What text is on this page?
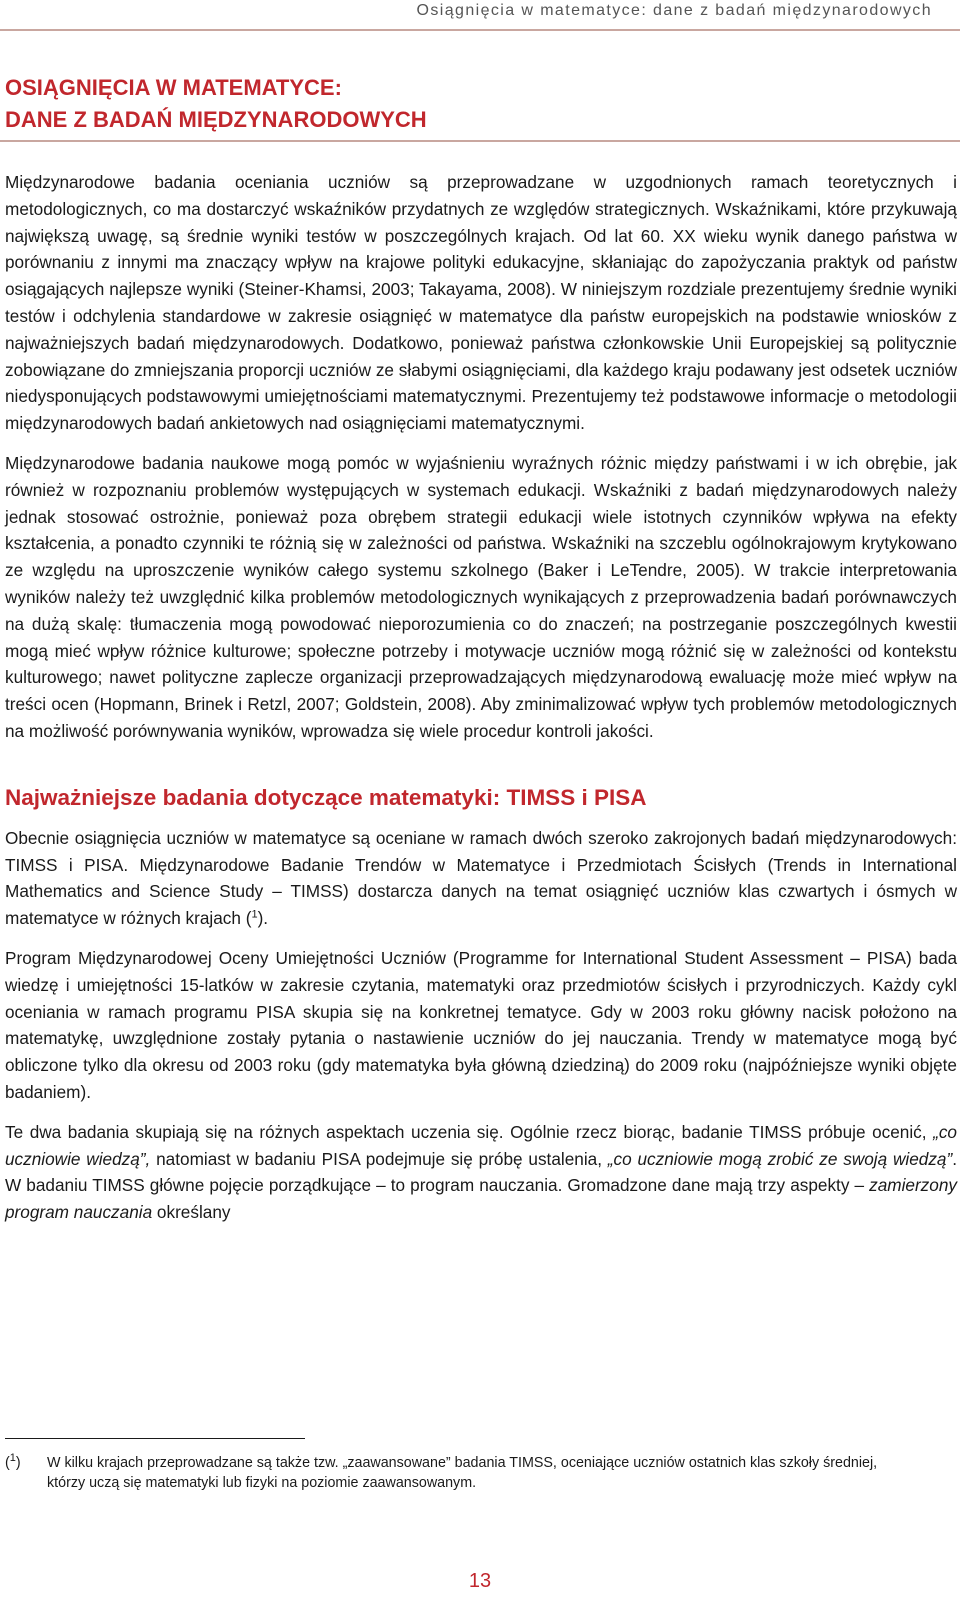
Osiągnięcia w matematyce: dane z badań międzynarodowych
OSIĄGNIĘCIA W MATEMATYCE:
DANE Z BADAŃ MIĘDZYNARODOWYCH

Międzynarodowe badania oceniania uczniów są przeprowadzane w uzgodnionych ramach teoretycznych i metodologicznych, co ma dostarczyć wskaźników przydatnych ze względów strategicznych. Wskaźnikami, które przykuwają największą uwagę, są średnie wyniki testów w poszczególnych krajach. Od lat 60. XX wieku wynik danego państwa w porównaniu z innymi ma znaczący wpływ na krajowe polityki edukacyjne, skłaniając do zapożyczania praktyk od państw osiągających najlepsze wyniki (Steiner-Khamsi, 2003; Takayama, 2008). W niniejszym rozdziale prezentujemy średnie wyniki testów i odchylenia standardowe w zakresie osiągnięć w matematyce dla państw europejskich na podstawie wniosków z najważniejszych badań międzynarodowych. Dodatkowo, ponieważ państwa członkowskie Unii Europejskiej są politycznie zobowiązane do zmniejszania proporcji uczniów ze słabymi osiągnięciami, dla każdego kraju podawany jest odsetek uczniów niedysponujących podstawowymi umiejętnościami matematycznymi. Prezentujemy też podstawowe informacje o metodologii międzynarodowych badań ankietowych nad osiągnięciami matematycznymi.

Międzynarodowe badania naukowe mogą pomóc w wyjaśnieniu wyraźnych różnic między państwami i w ich obrębie, jak również w rozpoznaniu problemów występujących w systemach edukacji. Wskaźniki z badań międzynarodowych należy jednak stosować ostrożnie, ponieważ poza obrębem strategii edukacji wiele istotnych czynników wpływa na efekty kształcenia, a ponadto czynniki te różnią się w zależności od państwa. Wskaźniki na szczeblu ogólnokrajowym krytykowano ze względu na uproszczenie wyników całego systemu szkolnego (Baker i LeTendre, 2005). W trakcie interpretowania wyników należy też uwzględnić kilka problemów metodologicznych wynikających z przeprowadzenia badań porównawczych na dużą skalę: tłumaczenia mogą powodować nieporozumienia co do znaczeń; na postrzeganie poszczególnych kwestii mogą mieć wpływ różnice kulturowe; społeczne potrzeby i motywacje uczniów mogą różnić się w zależności od kontekstu kulturowego; nawet polityczne zaplecze organizacji przeprowadzających międzynarodową ewaluację może mieć wpływ na treści ocen (Hopmann, Brinek i Retzl, 2007; Goldstein, 2008). Aby zminimalizować wpływ tych problemów metodologicznych na możliwość porównywania wyników, wprowadza się wiele procedur kontroli jakości.

Najważniejsze badania dotyczące matematyki: TIMSS i PISA

Obecnie osiągnięcia uczniów w matematyce są oceniane w ramach dwóch szeroko zakrojonych badań międzynarodowych: TIMSS i PISA. Międzynarodowe Badanie Trendów w Matematyce i Przedmiotach Ścisłych (Trends in International Mathematics and Science Study – TIMSS) dostarcza danych na temat osiągnięć uczniów klas czwartych i ósmych w matematyce w różnych krajach ($^1$).

Program Międzynarodowej Oceny Umiejętności Uczniów (Programme for International Student Assessment – PISA) bada wiedzę i umiejętności 15-latków w zakresie czytania, matematyki oraz przedmiotów ścisłych i przyrodniczych. Każdy cykl oceniania w ramach programu PISA skupia się na konkretnej tematyce. Gdy w 2003 roku główny nacisk położono na matematykę, uwzględnione zostały pytania o nastawienie uczniów do jej nauczania. Trendy w matematyce mogą być obliczone tylko dla okresu od 2003 roku (gdy matematyka była główną dziedziną) do 2009 roku (najpóźniejsze wyniki objęte badaniem).

Te dwa badania skupiają się na różnych aspektach uczenia się. Ogólnie rzecz biorąc, badanie TIMSS próbuje ocenić, „co uczniowie wiedzą”, natomiast w badaniu PISA podejmuje się próbę ustalenia, „co uczniowie mogą zrobić ze swoją wiedzą”. W badaniu TIMSS główne pojęcie porządkujące – to program nauczania. Gromadzone dane mają trzy aspekty – zamierzony program nauczania określany

($^1$) W kilku krajach przeprowadzane są także tzw. „zaawansowane” badania TIMSS, oceniające uczniów ostatnich klas szkoły średniej, którzy uczą się matematyki lub fizyki na poziomie zaawansowanym.
13
